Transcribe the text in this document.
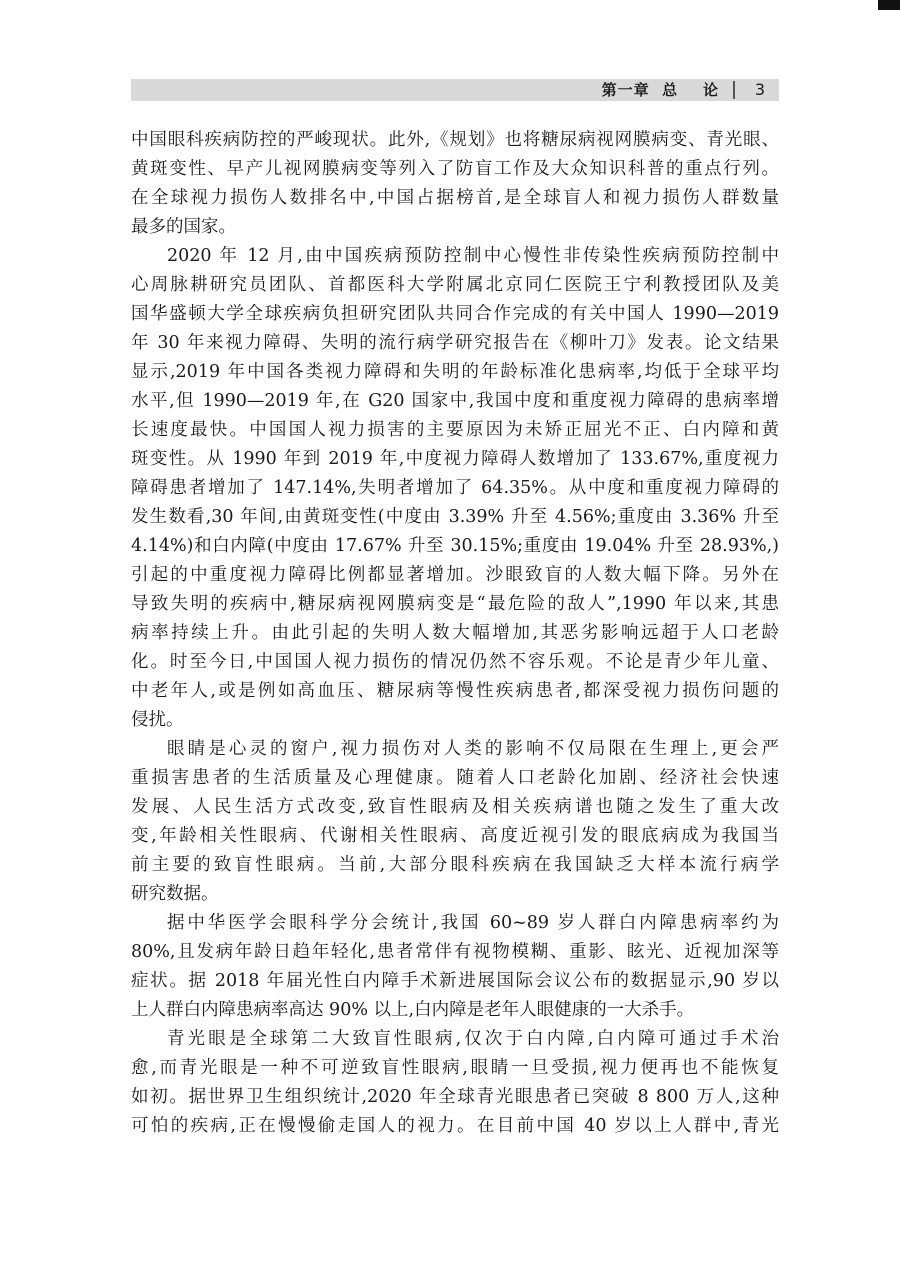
第一章  总    论 3
中国眼科疾病防控的严峻现状。此外,《规划》也将糖尿病视网膜病变、青光眼、
黄斑变性、早产儿视网膜病变等列入了防盲工作及大众知识科普的重点行列。
在全球视力损伤人数排名中,中国占据榜首,是全球盲人和视力损伤人群数量
最多的国家。
2020 年 12 月,由中国疾病预防控制中心慢性非传染性疾病预防控制中
心周脉耕研究员团队、首都医科大学附属北京同仁医院王宁利教授团队及美
国华盛顿大学全球疾病负担研究团队共同合作完成的有关中国人 1990—2019
年 30 年来视力障碍、失明的流行病学研究报告在《柳叶刀》发表。论文结果
显示,2019 年中国各类视力障碍和失明的年龄标准化患病率,均低于全球平均
水平,但 1990—2019 年,在 G20 国家中,我国中度和重度视力障碍的患病率增
长速度最快。中国国人视力损害的主要原因为未矫正屈光不正、白内障和黄
斑变性。从 1990 年到 2019 年,中度视力障碍人数增加了 133.67%,重度视力
障碍患者增加了 147.14%,失明者增加了 64.35%。从中度和重度视力障碍的
发生数看,30 年间,由黄斑变性(中度由 3.39% 升至 4.56%;重度由 3.36% 升至
4.14%)和白内障(中度由 17.67% 升至 30.15%;重度由 19.04% 升至 28.93%,)
引起的中重度视力障碍比例都显著增加。沙眼致盲的人数大幅下降。另外在
导致失明的疾病中,糖尿病视网膜病变是“最危险的敌人”,1990 年以来,其患
病率持续上升。由此引起的失明人数大幅增加,其恶劣影响远超于人口老龄
化。时至今日,中国国人视力损伤的情况仍然不容乐观。不论是青少年儿童、
中老年人,或是例如高血压、糖尿病等慢性疾病患者,都深受视力损伤问题的
侵扰。
眼睛是心灵的窗户,视力损伤对人类的影响不仅局限在生理上,更会严
重损害患者的生活质量及心理健康。随着人口老龄化加剧、经济社会快速
发展、人民生活方式改变,致盲性眼病及相关疾病谱也随之发生了重大改
变,年龄相关性眼病、代谢相关性眼病、高度近视引发的眼底病成为我国当
前主要的致盲性眼病。当前,大部分眼科疾病在我国缺乏大样本流行病学
研究数据。
据中华医学会眼科学分会统计,我国 60~89 岁人群白内障患病率约为
80%,且发病年龄日趋年轻化,患者常伴有视物模糊、重影、眩光、近视加深等
症状。据 2018 年届光性白内障手术新进展国际会议公布的数据显示,90 岁以
上人群白内障患病率高达 90% 以上,白内障是老年人眼健康的一大杀手。
青光眼是全球第二大致盲性眼病,仅次于白内障,白内障可通过手术治
愈,而青光眼是一种不可逆致盲性眼病,眼睛一旦受损,视力便再也不能恢复
如初。据世界卫生组织统计,2020 年全球青光眼患者已突破 8 800 万人,这种
可怕的疾病,正在慢慢偷走国人的视力。在目前中国 40 岁以上人群中,青光
